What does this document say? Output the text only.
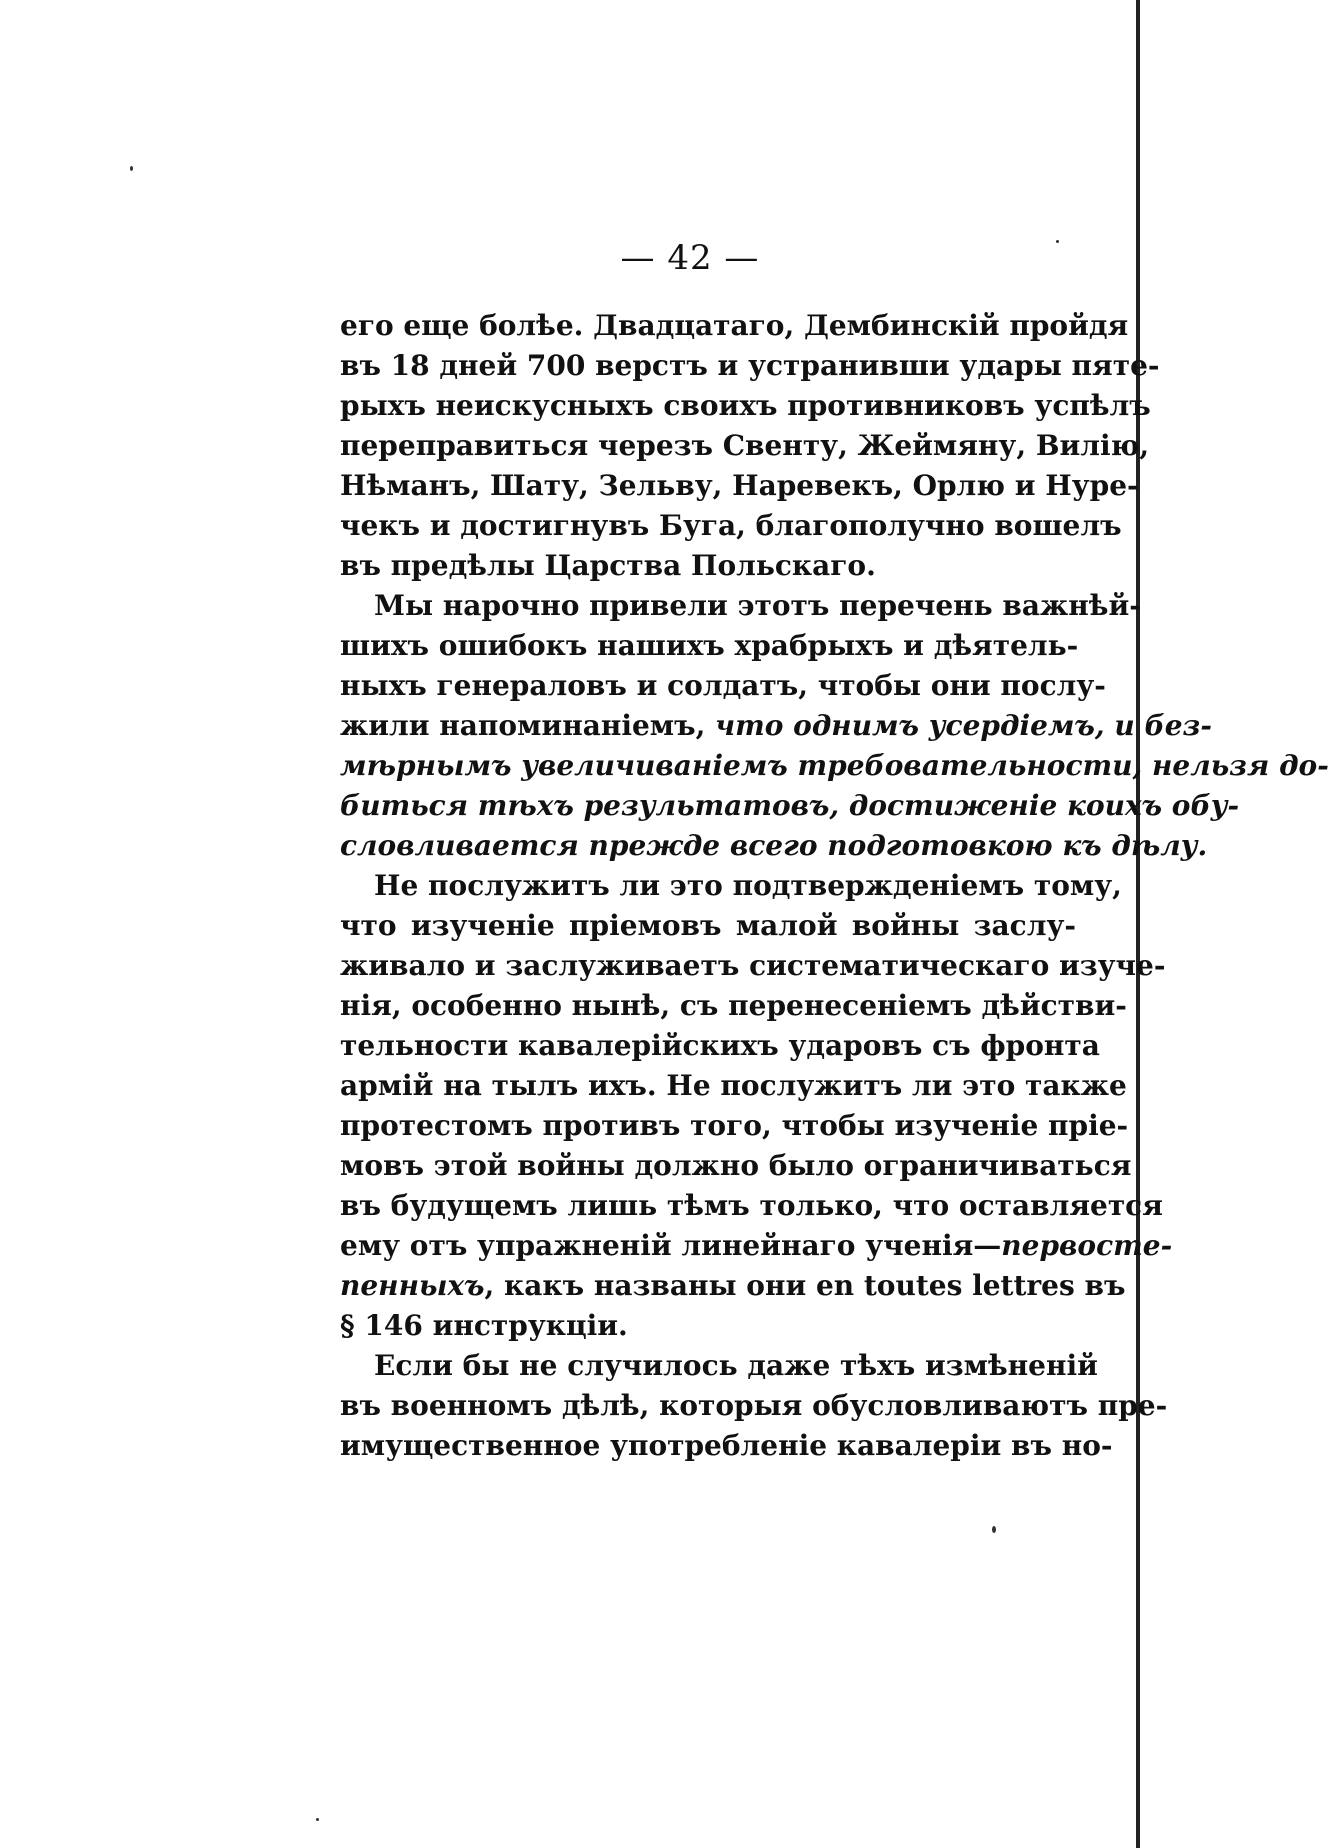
— 42 —
его еще болѣе. Двадцатаго, Дембинскій пройдя
въ 18 дней 700 верстъ и устранивши удары пяте-
рыхъ неискусныхъ своихъ противниковъ успѣлъ
переправиться черезъ Свенту, Жеймяну, Вилію,
Нѣманъ, Шату, Зельву, Наревекъ, Орлю и Нуре-
чекъ и достигнувъ Буга, благополучно вошелъ
въ предѣлы Царства Польскаго.
Мы нарочно привели этотъ перечень важнѣй-
шихъ ошибокъ нашихъ храбрыхъ и дѣятель-
ныхъ генераловъ и солдатъ, чтобы они послу-
жили напоминаніемъ, что однимъ усердіемъ, и без-
мѣрнымъ увеличиваніемъ требовательности, нельзя до-
биться тѣхъ результатовъ, достиженіе коихъ обу-
словливается прежде всего подготовкою къ дѣлу.
Не послужитъ ли это подтвержденіемъ тому,
что изученіе пріемовъ малой войны заслу-
живало и заслуживаетъ систематическаго изуче-
нія, особенно нынѣ, съ перенесеніемъ дѣйстви-
тельности кавалерійскихъ ударовъ съ фронта
армій на тылъ ихъ. Не послужитъ ли это также
протестомъ противъ того, чтобы изученіе пріе-
мовъ этой войны должно было ограничиваться
въ будущемъ лишь тѣмъ только, что оставляется
ему отъ упражненій линейнаго ученія—первосте-
пенныхъ, какъ названы они en toutes lettres въ
§ 146 инструкціи.
Если бы не случилось даже тѣхъ измѣненій
въ военномъ дѣлѣ, которыя обусловливаютъ пре-
имущественное употребленіе кавалеріи въ но-
